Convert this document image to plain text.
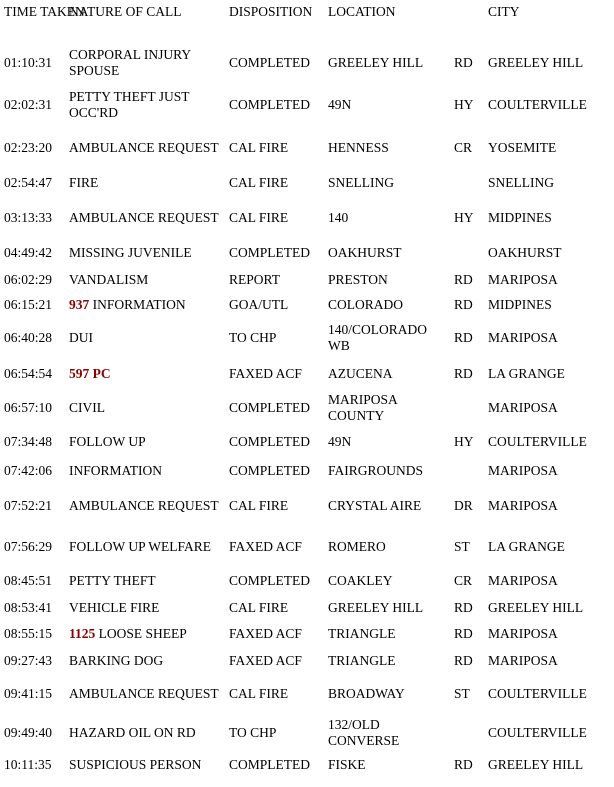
TIME TAKEN	NATURE OF CALL	DISPOSITION	LOCATION		CITY
01:10:31	CORPORAL INJURY SPOUSE	COMPLETED	GREELEY HILL	RD	GREELEY HILL
02:02:31	PETTY THEFT JUST OCC'RD	COMPLETED	49N	HY	COULTERVILLE
02:23:20	AMBULANCE REQUEST	CAL FIRE	HENNESS	CR	YOSEMITE
02:54:47	FIRE	CAL FIRE	SNELLING		SNELLING
03:13:33	AMBULANCE REQUEST	CAL FIRE	140	HY	MIDPINES
04:49:42	MISSING JUVENILE	COMPLETED	OAKHURST		OAKHURST
06:02:29	VANDALISM	REPORT	PRESTON	RD	MARIPOSA
06:15:21	937 INFORMATION	GOA/UTL	COLORADO	RD	MIDPINES
06:40:28	DUI	TO CHP	140/COLORADO WB	RD	MARIPOSA
06:54:54	597 PC	FAXED ACF	AZUCENA	RD	LA GRANGE
06:57:10	CIVIL	COMPLETED	MARIPOSA COUNTY		MARIPOSA
07:34:48	FOLLOW UP	COMPLETED	49N	HY	COULTERVILLE
07:42:06	INFORMATION	COMPLETED	FAIRGROUNDS		MARIPOSA
07:52:21	AMBULANCE REQUEST	CAL FIRE	CRYSTAL AIRE	DR	MARIPOSA
07:56:29	FOLLOW UP WELFARE	FAXED ACF	ROMERO	ST	LA GRANGE
08:45:51	PETTY THEFT	COMPLETED	COAKLEY	CR	MARIPOSA
08:53:41	VEHICLE FIRE	CAL FIRE	GREELEY HILL	RD	GREELEY HILL
08:55:15	1125 LOOSE SHEEP	FAXED ACF	TRIANGLE	RD	MARIPOSA
09:27:43	BARKING DOG	FAXED ACF	TRIANGLE	RD	MARIPOSA
09:41:15	AMBULANCE REQUEST	CAL FIRE	BROADWAY	ST	COULTERVILLE
09:49:40	HAZARD OIL ON RD	TO CHP	132/OLD CONVERSE		COULTERVILLE
10:11:35	SUSPICIOUS PERSON	COMPLETED	FISKE	RD	GREELEY HILL
